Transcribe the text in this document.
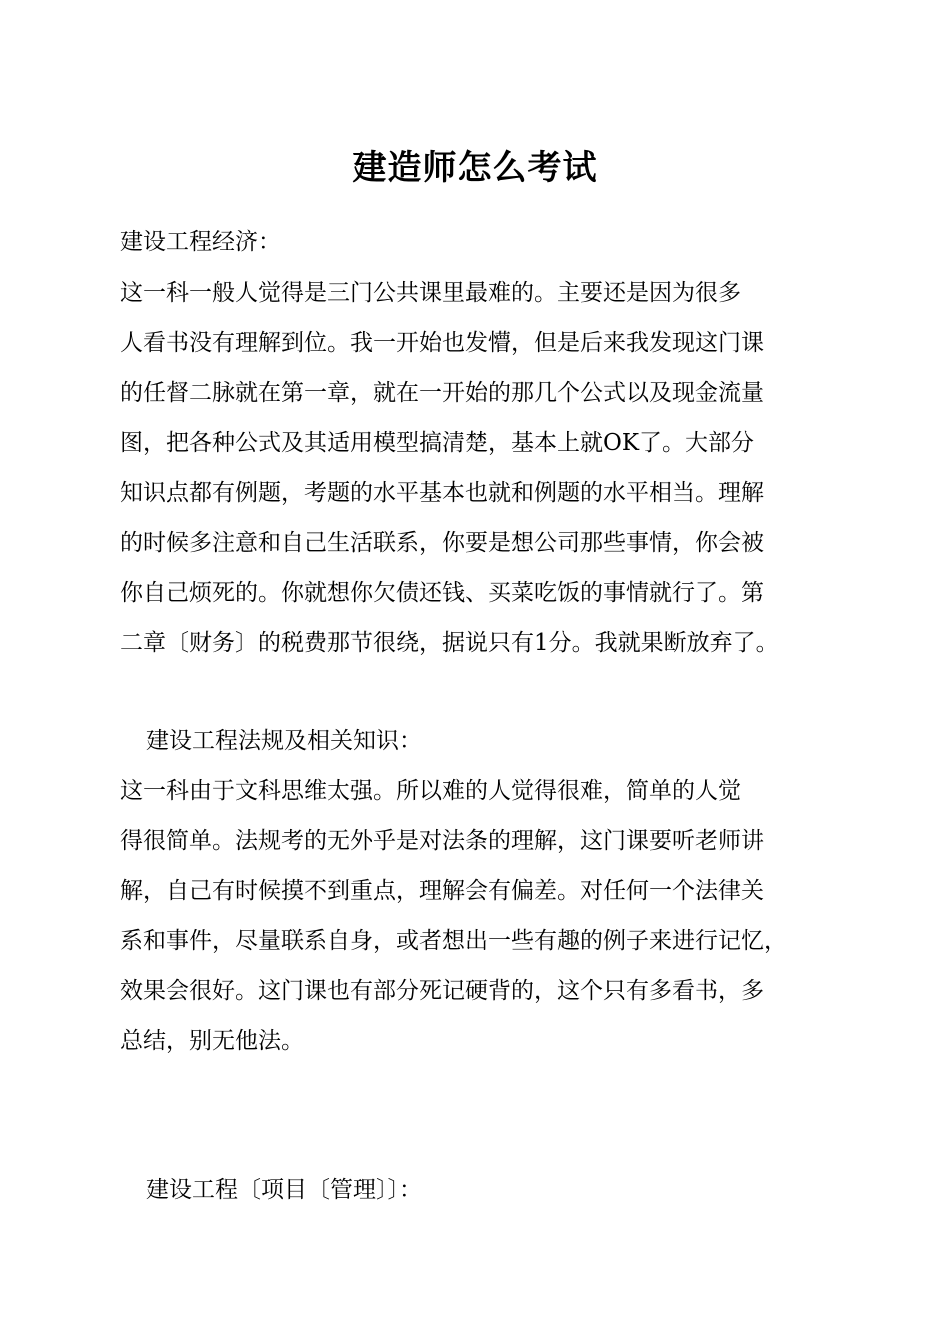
建造师怎么考试
建设工程经济：
这一科一般人觉得是三门公共课里最难的。主要还是因为很多
人看书没有理解到位。我一开始也发懵，但是后来我发现这门课
的任督二脉就在第一章，就在一开始的那几个公式以及现金流量
图，把各种公式及其适用模型搞清楚，基本上就OK了。大部分
知识点都有例题，考题的水平基本也就和例题的水平相当。理解
的时候多注意和自己生活联系，你要是想公司那些事情，你会被
你自己烦死的。你就想你欠债还钱、买菜吃饭的事情就行了。第
二章〔财务〕的税费那节很绕，据说只有1分。我就果断放弃了。
建设工程法规及相关知识：
这一科由于文科思维太强。所以难的人觉得很难，简单的人觉
得很简单。法规考的无外乎是对法条的理解，这门课要听老师讲
解，自己有时候摸不到重点，理解会有偏差。对任何一个法律关
系和事件，尽量联系自身，或者想出一些有趣的例子来进行记忆，
效果会很好。这门课也有部分死记硬背的，这个只有多看书，多
总结，别无他法。
建设工程〔项目〔管理〕〕：
